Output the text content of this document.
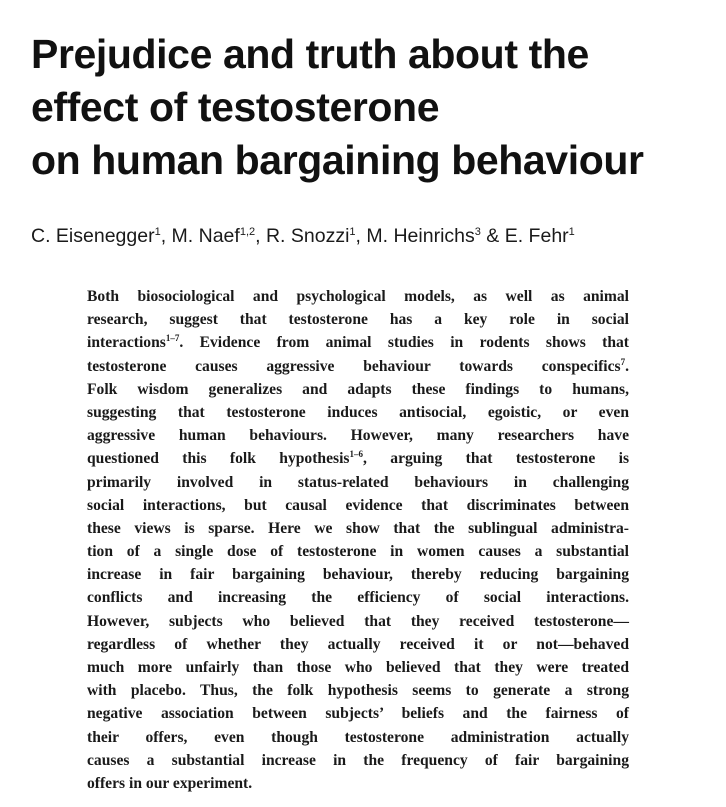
Prejudice and truth about the
effect of testosterone
on human bargaining behaviour
C. Eisenegger$^1$, M. Naef$^{1,2}$, R. Snozzi$^1$, M. Heinrichs$^3$ & E. Fehr$^1$
Both biosociological and psychological models, as well as animal
research, suggest that testosterone has a key role in social
interactions$^{1-7}$. Evidence from animal studies in rodents shows that
testosterone causes aggressive behaviour towards conspecifics$^7$.
Folk wisdom generalizes and adapts these findings to humans,
suggesting that testosterone induces antisocial, egoistic, or even
aggressive human behaviours. However, many researchers have
questioned this folk hypothesis$^{1-6}$, arguing that testosterone is
primarily involved in status-related behaviours in challenging
social interactions, but causal evidence that discriminates between
these views is sparse. Here we show that the sublingual administra-
tion of a single dose of testosterone in women causes a substantial
increase in fair bargaining behaviour, thereby reducing bargaining
conflicts and increasing the efficiency of social interactions.
However, subjects who believed that they received testosterone—
regardless of whether they actually received it or not—behaved
much more unfairly than those who believed that they were treated
with placebo. Thus, the folk hypothesis seems to generate a strong
negative association between subjects’ beliefs and the fairness of
their offers, even though testosterone administration actually
causes a substantial increase in the frequency of fair bargaining
offers in our experiment.
